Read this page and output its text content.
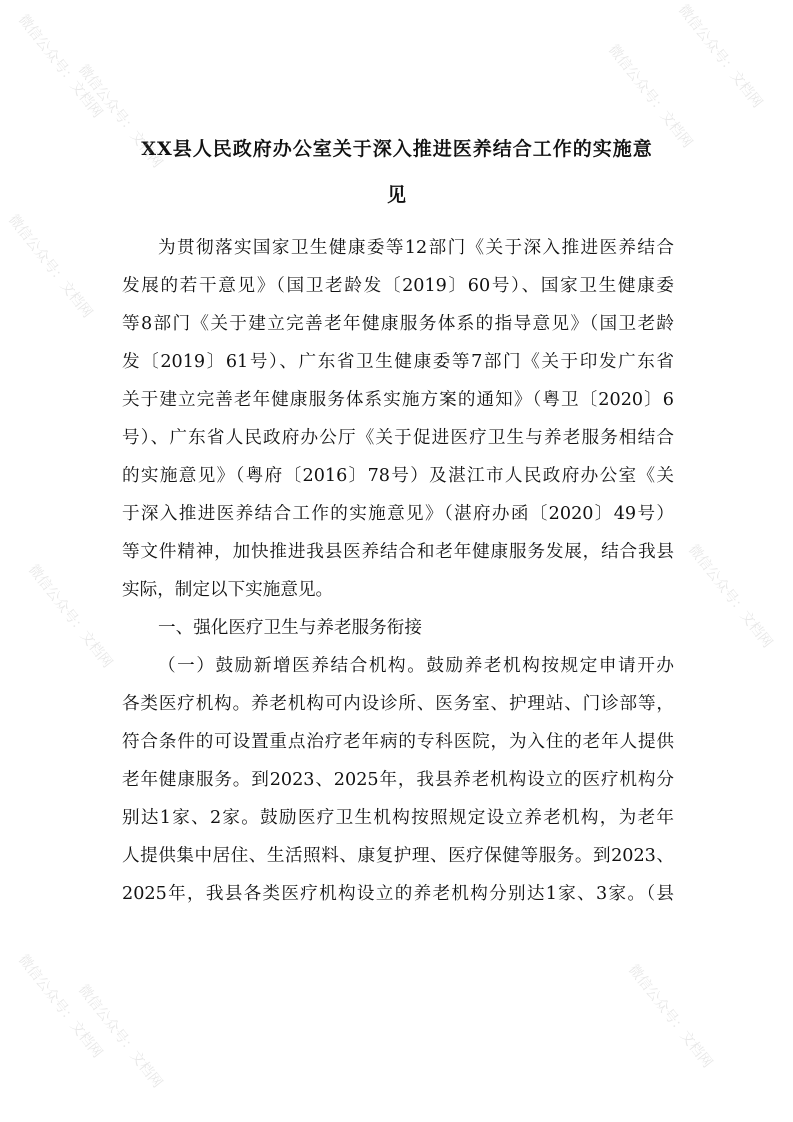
XX县人民政府办公室关于深入推进医养结合工作的实施意
见
为贯彻落实国家卫生健康委等12部门《关于深入推进医养结合
发展的若干意见》（国卫老龄发〔2019〕60号）、国家卫生健康委
等8部门《关于建立完善老年健康服务体系的指导意见》（国卫老龄
发〔2019〕61号）、广东省卫生健康委等7部门《关于印发广东省
关于建立完善老年健康服务体系实施方案的通知》（粤卫〔2020〕6
号）、广东省人民政府办公厅《关于促进医疗卫生与养老服务相结合
的实施意见》（粤府〔2016〕78号）及湛江市人民政府办公室《关
于深入推进医养结合工作的实施意见》（湛府办函〔2020〕49号）
等文件精神，加快推进我县医养结合和老年健康服务发展，结合我县
实际，制定以下实施意见。
一、强化医疗卫生与养老服务衔接
（一）鼓励新增医养结合机构。鼓励养老机构按规定申请开办
各类医疗机构。养老机构可内设诊所、医务室、护理站、门诊部等，
符合条件的可设置重点治疗老年病的专科医院，为入住的老年人提供
老年健康服务。到2023、2025年，我县养老机构设立的医疗机构分
别达1家、2家。鼓励医疗卫生机构按照规定设立养老机构，为老年
人提供集中居住、生活照料、康复护理、医疗保健等服务。到2023、
2025年，我县各类医疗机构设立的养老机构分别达1家、3家。（县
微信公众号：文档网
微信公众号：文档网	微信公众号：文档网
微信公众号：文档网
微信公众号：文档网
微信公众号：文档网	微信公众号：文档网
微信公众号：文档网
微信公众号：文档网	微信公众号：文档网
